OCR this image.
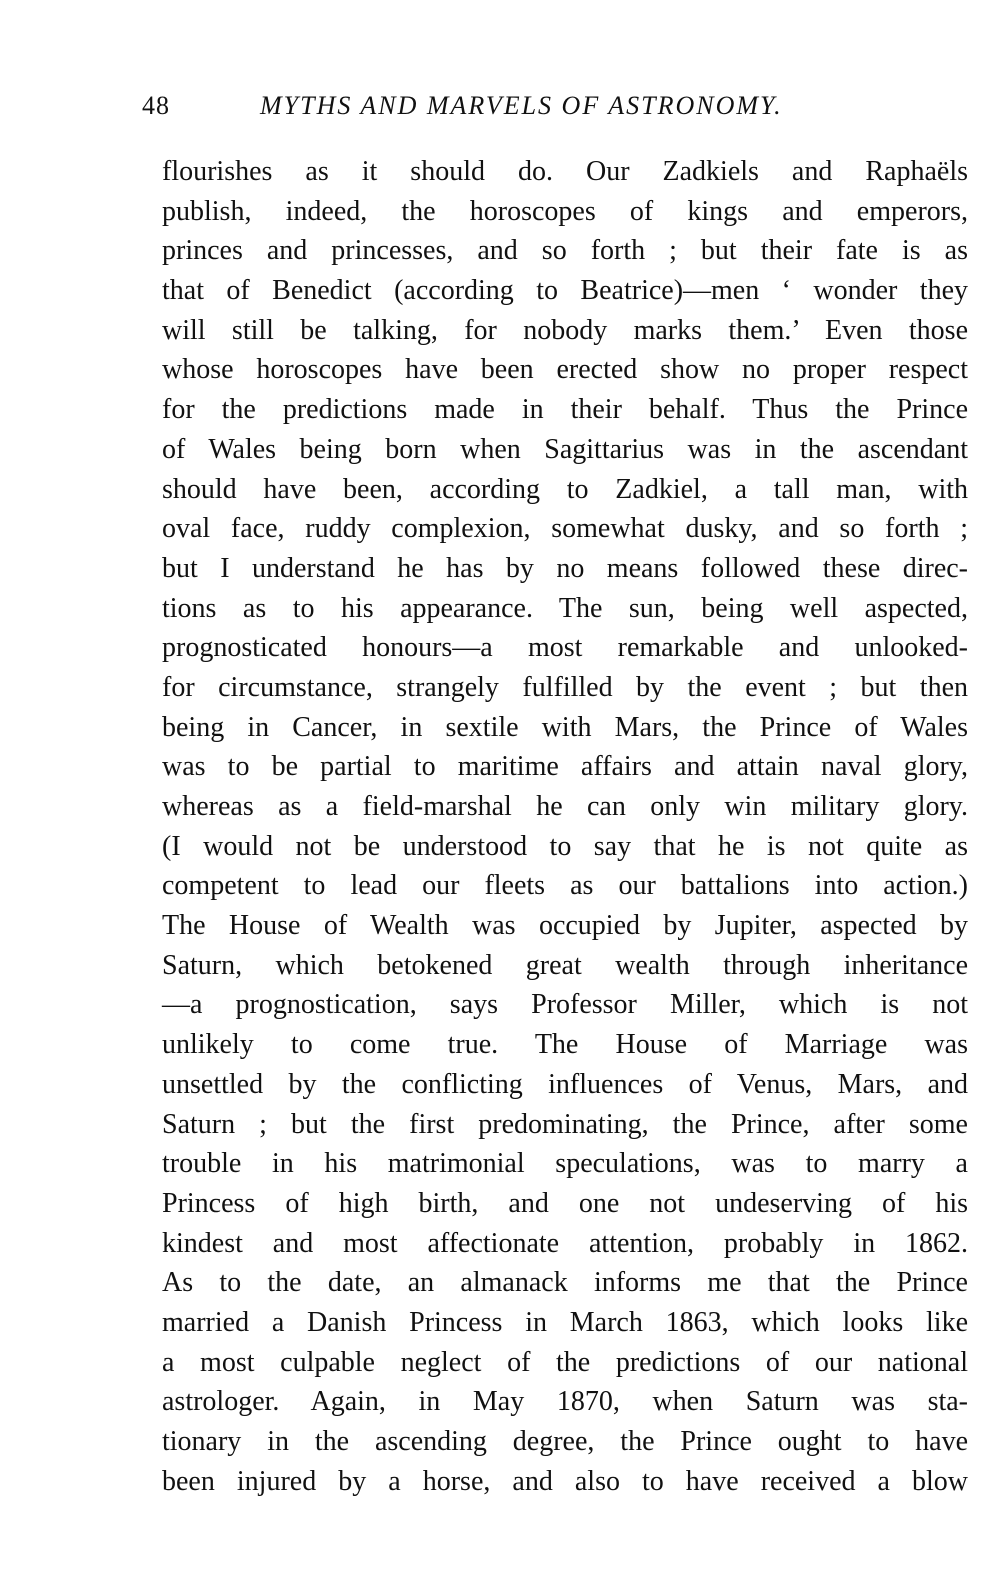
48	MYTHS AND MARVELS OF ASTRONOMY.
flourishes as it should do. Our Zadkiels and Raphaëls
publish, indeed, the horoscopes of kings and emperors,
princes and princesses, and so forth ; but their fate is as
that of Benedict (according to Beatrice)—men ‘ wonder they
will still be talking, for nobody marks them.’ Even those
whose horoscopes have been erected show no proper respect
for the predictions made in their behalf. Thus the Prince
of Wales being born when Sagittarius was in the ascendant
should have been, according to Zadkiel, a tall man, with
oval face, ruddy complexion, somewhat dusky, and so forth ;
but I understand he has by no means followed these direc-
tions as to his appearance. The sun, being well aspected,
prognosticated honours—a most remarkable and unlooked-
for circumstance, strangely fulfilled by the event ; but then
being in Cancer, in sextile with Mars, the Prince of Wales
was to be partial to maritime affairs and attain naval glory,
whereas as a field-marshal he can only win military glory.
(I would not be understood to say that he is not quite as
competent to lead our fleets as our battalions into action.)
The House of Wealth was occupied by Jupiter, aspected by
Saturn, which betokened great wealth through inheritance
—a prognostication, says Professor Miller, which is not
unlikely to come true. The House of Marriage was
unsettled by the conflicting influences of Venus, Mars, and
Saturn ; but the first predominating, the Prince, after some
trouble in his matrimonial speculations, was to marry a
Princess of high birth, and one not undeserving of his
kindest and most affectionate attention, probably in 1862.
As to the date, an almanack informs me that the Prince
married a Danish Princess in March 1863, which looks like
a most culpable neglect of the predictions of our national
astrologer. Again, in May 1870, when Saturn was sta-
tionary in the ascending degree, the Prince ought to have
been injured by a horse, and also to have received a blow
